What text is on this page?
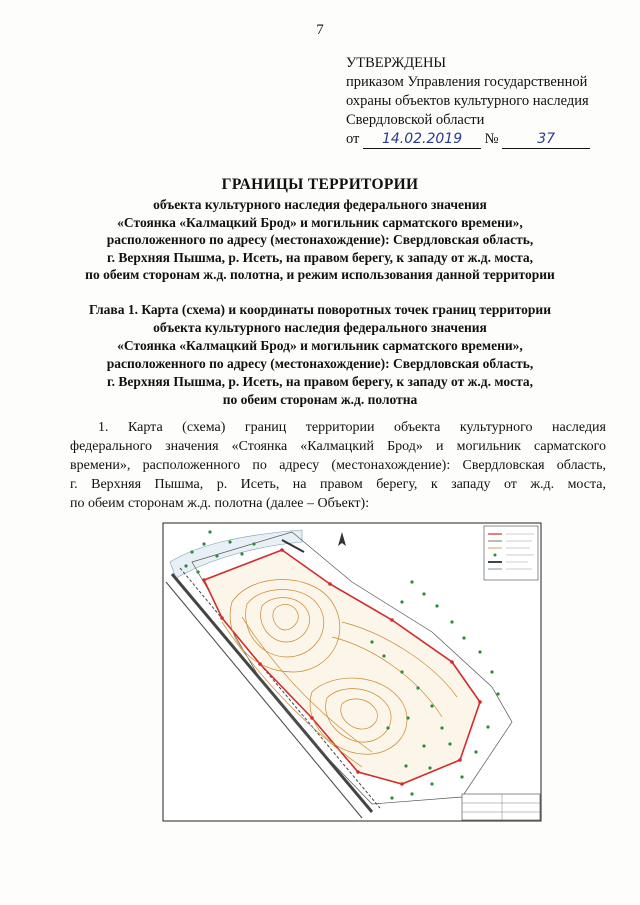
7
УТВЕРЖДЕНЫ
приказом Управления государственной
охраны объектов культурного наследия
Свердловской области
от 14.02.2019 №	37
ГРАНИЦЫ ТЕРРИТОРИИ
объекта культурного наследия федерального значения
«Стоянка «Калмацкий Брод» и могильник сарматского времени»,
расположенного по адресу (местонахождение): Свердловская область,
г. Верхняя Пышма, р. Исеть, на правом берегу, к западу от ж.д. моста,
по обеим сторонам ж.д. полотна, и режим использования данной территории
Глава 1. Карта (схема) и координаты поворотных точек границ территории
объекта культурного наследия федерального значения
«Стоянка «Калмацкий Брод» и могильник сарматского времени»,
расположенного по адресу (местонахождение): Свердловская область,
г. Верхняя Пышма, р. Исеть, на правом берегу, к западу от ж.д. моста,
по обеим сторонам ж.д. полотна
1. Карта (схема) границ территории объекта культурного наследия
федерального значения «Стоянка «Калмацкий Брод» и могильник сарматского
времени», расположенного по адресу (местонахождение): Свердловская область,
г. Верхняя Пышма, р. Исеть, на правом берегу, к западу от ж.д. моста,
по обеим сторонам ж.д. полотна (далее – Объект):
